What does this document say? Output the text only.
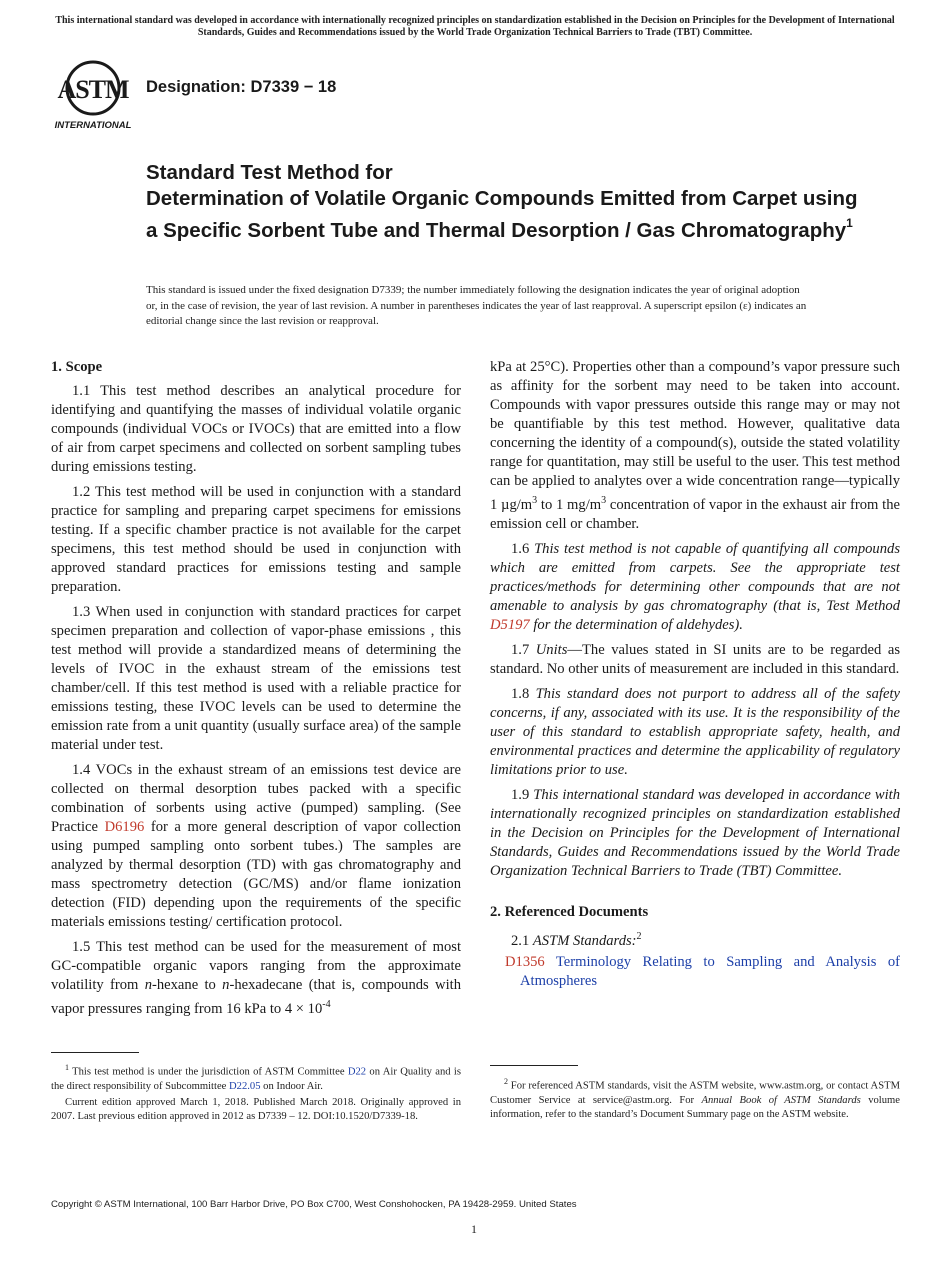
This international standard was developed in accordance with internationally recognized principles on standardization established in the Decision on Principles for the Development of International Standards, Guides and Recommendations issued by the World Trade Organization Technical Barriers to Trade (TBT) Committee.
ASTM
INTERNATIONAL
Designation: D7339 − 18
Standard Test Method for
Determination of Volatile Organic Compounds Emitted from Carpet using a Specific Sorbent Tube and Thermal Desorption / Gas Chromatography$^1$
This standard is issued under the fixed designation D7339; the number immediately following the designation indicates the year of original adoption or, in the case of revision, the year of last revision. A number in parentheses indicates the year of last reapproval. A superscript epsilon (ε) indicates an editorial change since the last revision or reapproval.
1. Scope

1.1 This test method describes an analytical procedure for identifying and quantifying the masses of individual volatile organic compounds (individual VOCs or IVOCs) that are emitted into a flow of air from carpet specimens and collected on sorbent sampling tubes during emissions testing.

1.2 This test method will be used in conjunction with a standard practice for sampling and preparing carpet specimens for emissions testing. If a specific chamber practice is not available for the carpet specimens, this test method should be used in conjunction with approved standard practices for emissions testing and sample preparation.

1.3 When used in conjunction with standard practices for carpet specimen preparation and collection of vapor-phase emissions , this test method will provide a standardized means of determining the levels of IVOC in the exhaust stream of the emissions test chamber/cell. If this test method is used with a reliable practice for emissions testing, these IVOC levels can be used to determine the emission rate from a unit quantity (usually surface area) of the sample material under test.

1.4 VOCs in the exhaust stream of an emissions test device are collected on thermal desorption tubes packed with a specific combination of sorbents using active (pumped) sampling. (See Practice D6196 for a more general description of vapor collection using pumped sampling onto sorbent tubes.) The samples are analyzed by thermal desorption (TD) with gas chromatography and mass spectrometry detection (GC/MS) and/or flame ionization detection (FID) depending upon the requirements of the specific materials emissions testing/ certification protocol.

1.5 This test method can be used for the measurement of most GC-compatible organic vapors ranging from the approximate volatility from n-hexane to n-hexadecane (that is, compounds with vapor pressures ranging from 16 kPa to $4 \times 10^{-4}$

$^1$ This test method is under the jurisdiction of ASTM Committee D22 on Air Quality and is the direct responsibility of Subcommittee D22.05 on Indoor Air.

Current edition approved March 1, 2018. Published March 2018. Originally approved in 2007. Last previous edition approved in 2012 as D7339 – 12. DOI:10.1520/D7339-18.

kPa at 25°C). Properties other than a compound’s vapor pressure such as affinity for the sorbent may need to be taken into account. Compounds with vapor pressures outside this range may or may not be quantifiable by this test method. However, qualitative data concerning the identity of a compound(s), outside the stated volatility range for quantitation, may still be useful to the user. This test method can be applied to analytes over a wide concentration range—typically 1 $\mu g/m^3$ to 1 $mg/m^3$ concentration of vapor in the exhaust air from the emission cell or chamber.

1.6 This test method is not capable of quantifying all compounds which are emitted from carpets. See the appropriate test practices/methods for determining other compounds that are not amenable to analysis by gas chromatography (that is, Test Method D5197 for the determination of aldehydes).

1.7 Units—The values stated in SI units are to be regarded as standard. No other units of measurement are included in this standard.

1.8 This standard does not purport to address all of the safety concerns, if any, associated with its use. It is the responsibility of the user of this standard to establish appropriate safety, health, and environmental practices and determine the applicability of regulatory limitations prior to use.

1.9 This international standard was developed in accordance with internationally recognized principles on standardization established in the Decision on Principles for the Development of International Standards, Guides and Recommendations issued by the World Trade Organization Technical Barriers to Trade (TBT) Committee.

2. Referenced Documents

2.1 ASTM Standards:$^2$

D1356 Terminology Relating to Sampling and Analysis of Atmospheres

$^2$ For referenced ASTM standards, visit the ASTM website, www.astm.org, or contact ASTM Customer Service at service@astm.org. For Annual Book of ASTM Standards volume information, refer to the standard’s Document Summary page on the ASTM website.

Copyright © ASTM International, 100 Barr Harbor Drive, PO Box C700, West Conshohocken, PA 19428-2959. United States
1
